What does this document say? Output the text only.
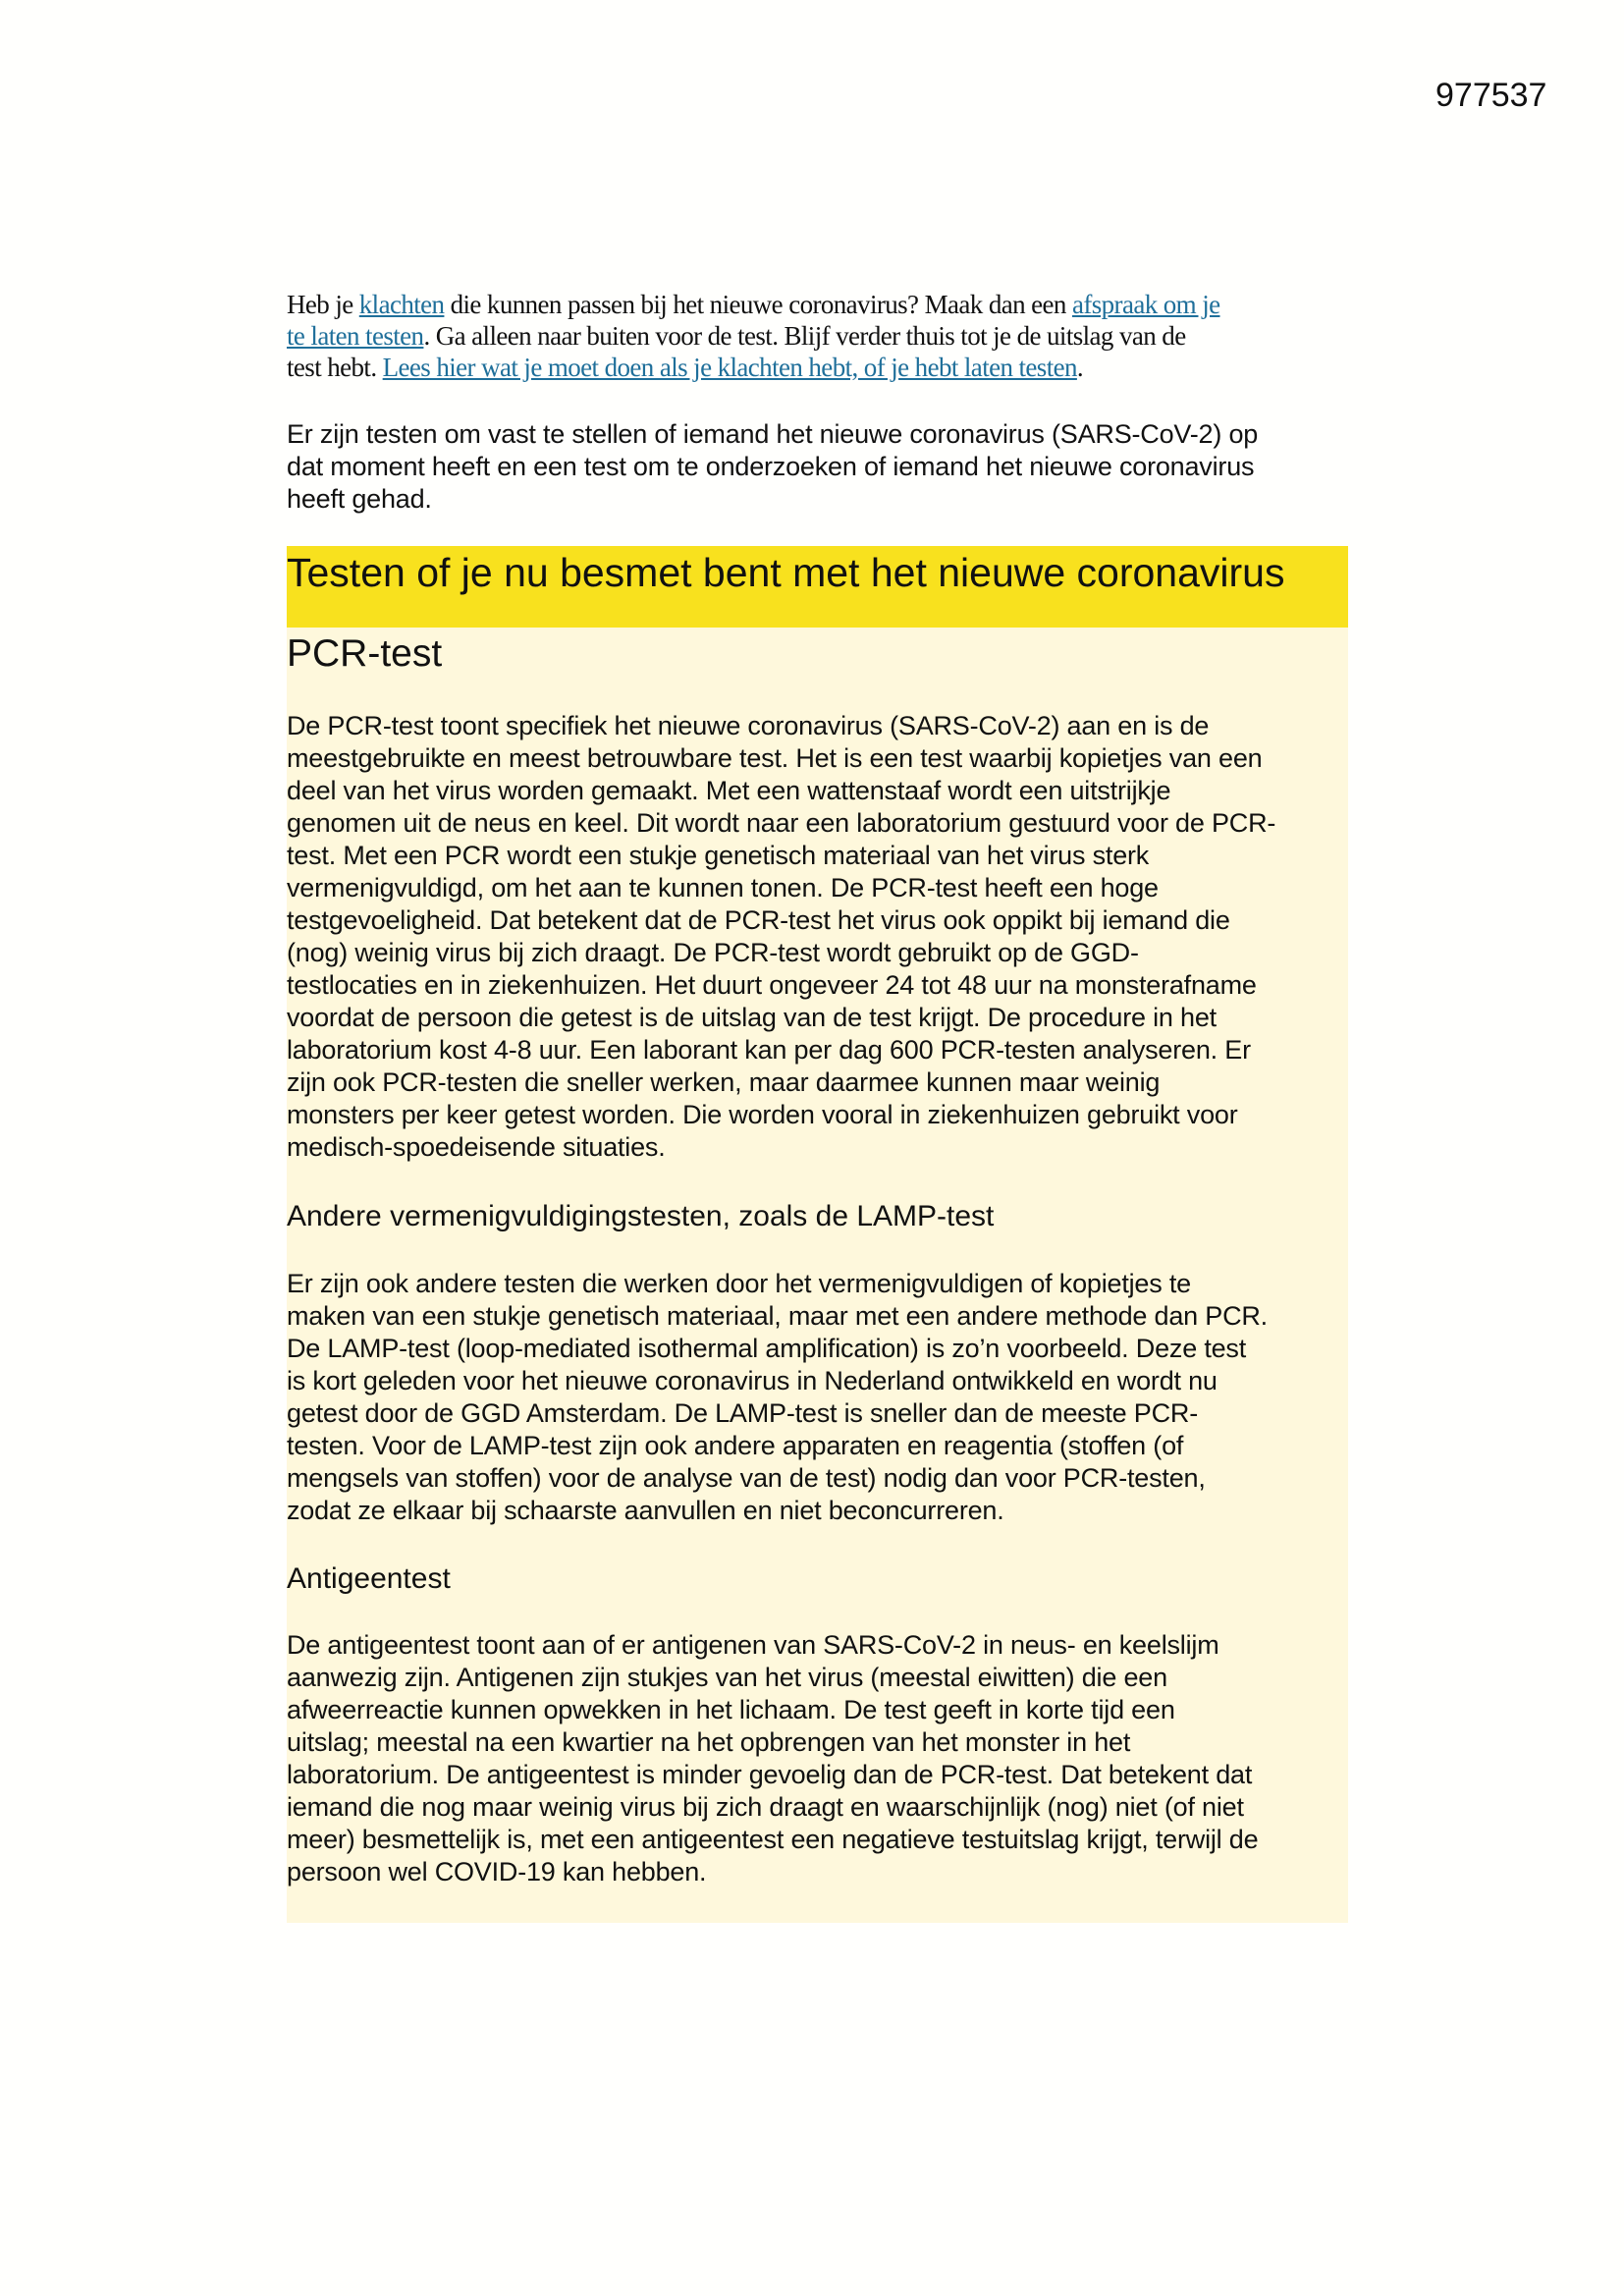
977537
Heb je klachten die kunnen passen bij het nieuwe coronavirus? Maak dan een afspraak om je
te laten testen. Ga alleen naar buiten voor de test. Blijf verder thuis tot je de uitslag van de
test hebt. Lees hier wat je moet doen als je klachten hebt, of je hebt laten testen.
Er zijn testen om vast te stellen of iemand het nieuwe coronavirus (SARS-CoV-2) op
dat moment heeft en een test om te onderzoeken of iemand het nieuwe coronavirus
heeft gehad.
Testen of je nu besmet bent met het nieuwe coronavirus
PCR-test
De PCR-test toont specifiek het nieuwe coronavirus (SARS-CoV-2) aan en is de
meestgebruikte en meest betrouwbare test. Het is een test waarbij kopietjes van een
deel van het virus worden gemaakt. Met een wattenstaaf wordt een uitstrijkje
genomen uit de neus en keel. Dit wordt naar een laboratorium gestuurd voor de PCR-
test. Met een PCR wordt een stukje genetisch materiaal van het virus sterk
vermenigvuldigd, om het aan te kunnen tonen. De PCR-test heeft een hoge
testgevoeligheid. Dat betekent dat de PCR-test het virus ook oppikt bij iemand die
(nog) weinig virus bij zich draagt. De PCR-test wordt gebruikt op de GGD-
testlocaties en in ziekenhuizen. Het duurt ongeveer 24 tot 48 uur na monsterafname
voordat de persoon die getest is de uitslag van de test krijgt. De procedure in het
laboratorium kost 4-8 uur. Een laborant kan per dag 600 PCR-testen analyseren. Er
zijn ook PCR-testen die sneller werken, maar daarmee kunnen maar weinig
monsters per keer getest worden. Die worden vooral in ziekenhuizen gebruikt voor
medisch-spoedeisende situaties.
Andere vermenigvuldigingstesten, zoals de LAMP-test
Er zijn ook andere testen die werken door het vermenigvuldigen of kopietjes te
maken van een stukje genetisch materiaal, maar met een andere methode dan PCR.
De LAMP-test (loop-mediated isothermal amplification) is zo’n voorbeeld. Deze test
is kort geleden voor het nieuwe coronavirus in Nederland ontwikkeld en wordt nu
getest door de GGD Amsterdam. De LAMP-test is sneller dan de meeste PCR-
testen. Voor de LAMP-test zijn ook andere apparaten en reagentia (stoffen (of
mengsels van stoffen) voor de analyse van de test) nodig dan voor PCR-testen,
zodat ze elkaar bij schaarste aanvullen en niet beconcurreren.
Antigeentest
De antigeentest toont aan of er antigenen van SARS-CoV-2 in neus- en keelslijm
aanwezig zijn. Antigenen zijn stukjes van het virus (meestal eiwitten) die een
afweerreactie kunnen opwekken in het lichaam. De test geeft in korte tijd een
uitslag; meestal na een kwartier na het opbrengen van het monster in het
laboratorium. De antigeentest is minder gevoelig dan de PCR-test. Dat betekent dat
iemand die nog maar weinig virus bij zich draagt en waarschijnlijk (nog) niet (of niet
meer) besmettelijk is, met een antigeentest een negatieve testuitslag krijgt, terwijl de
persoon wel COVID-19 kan hebben.
